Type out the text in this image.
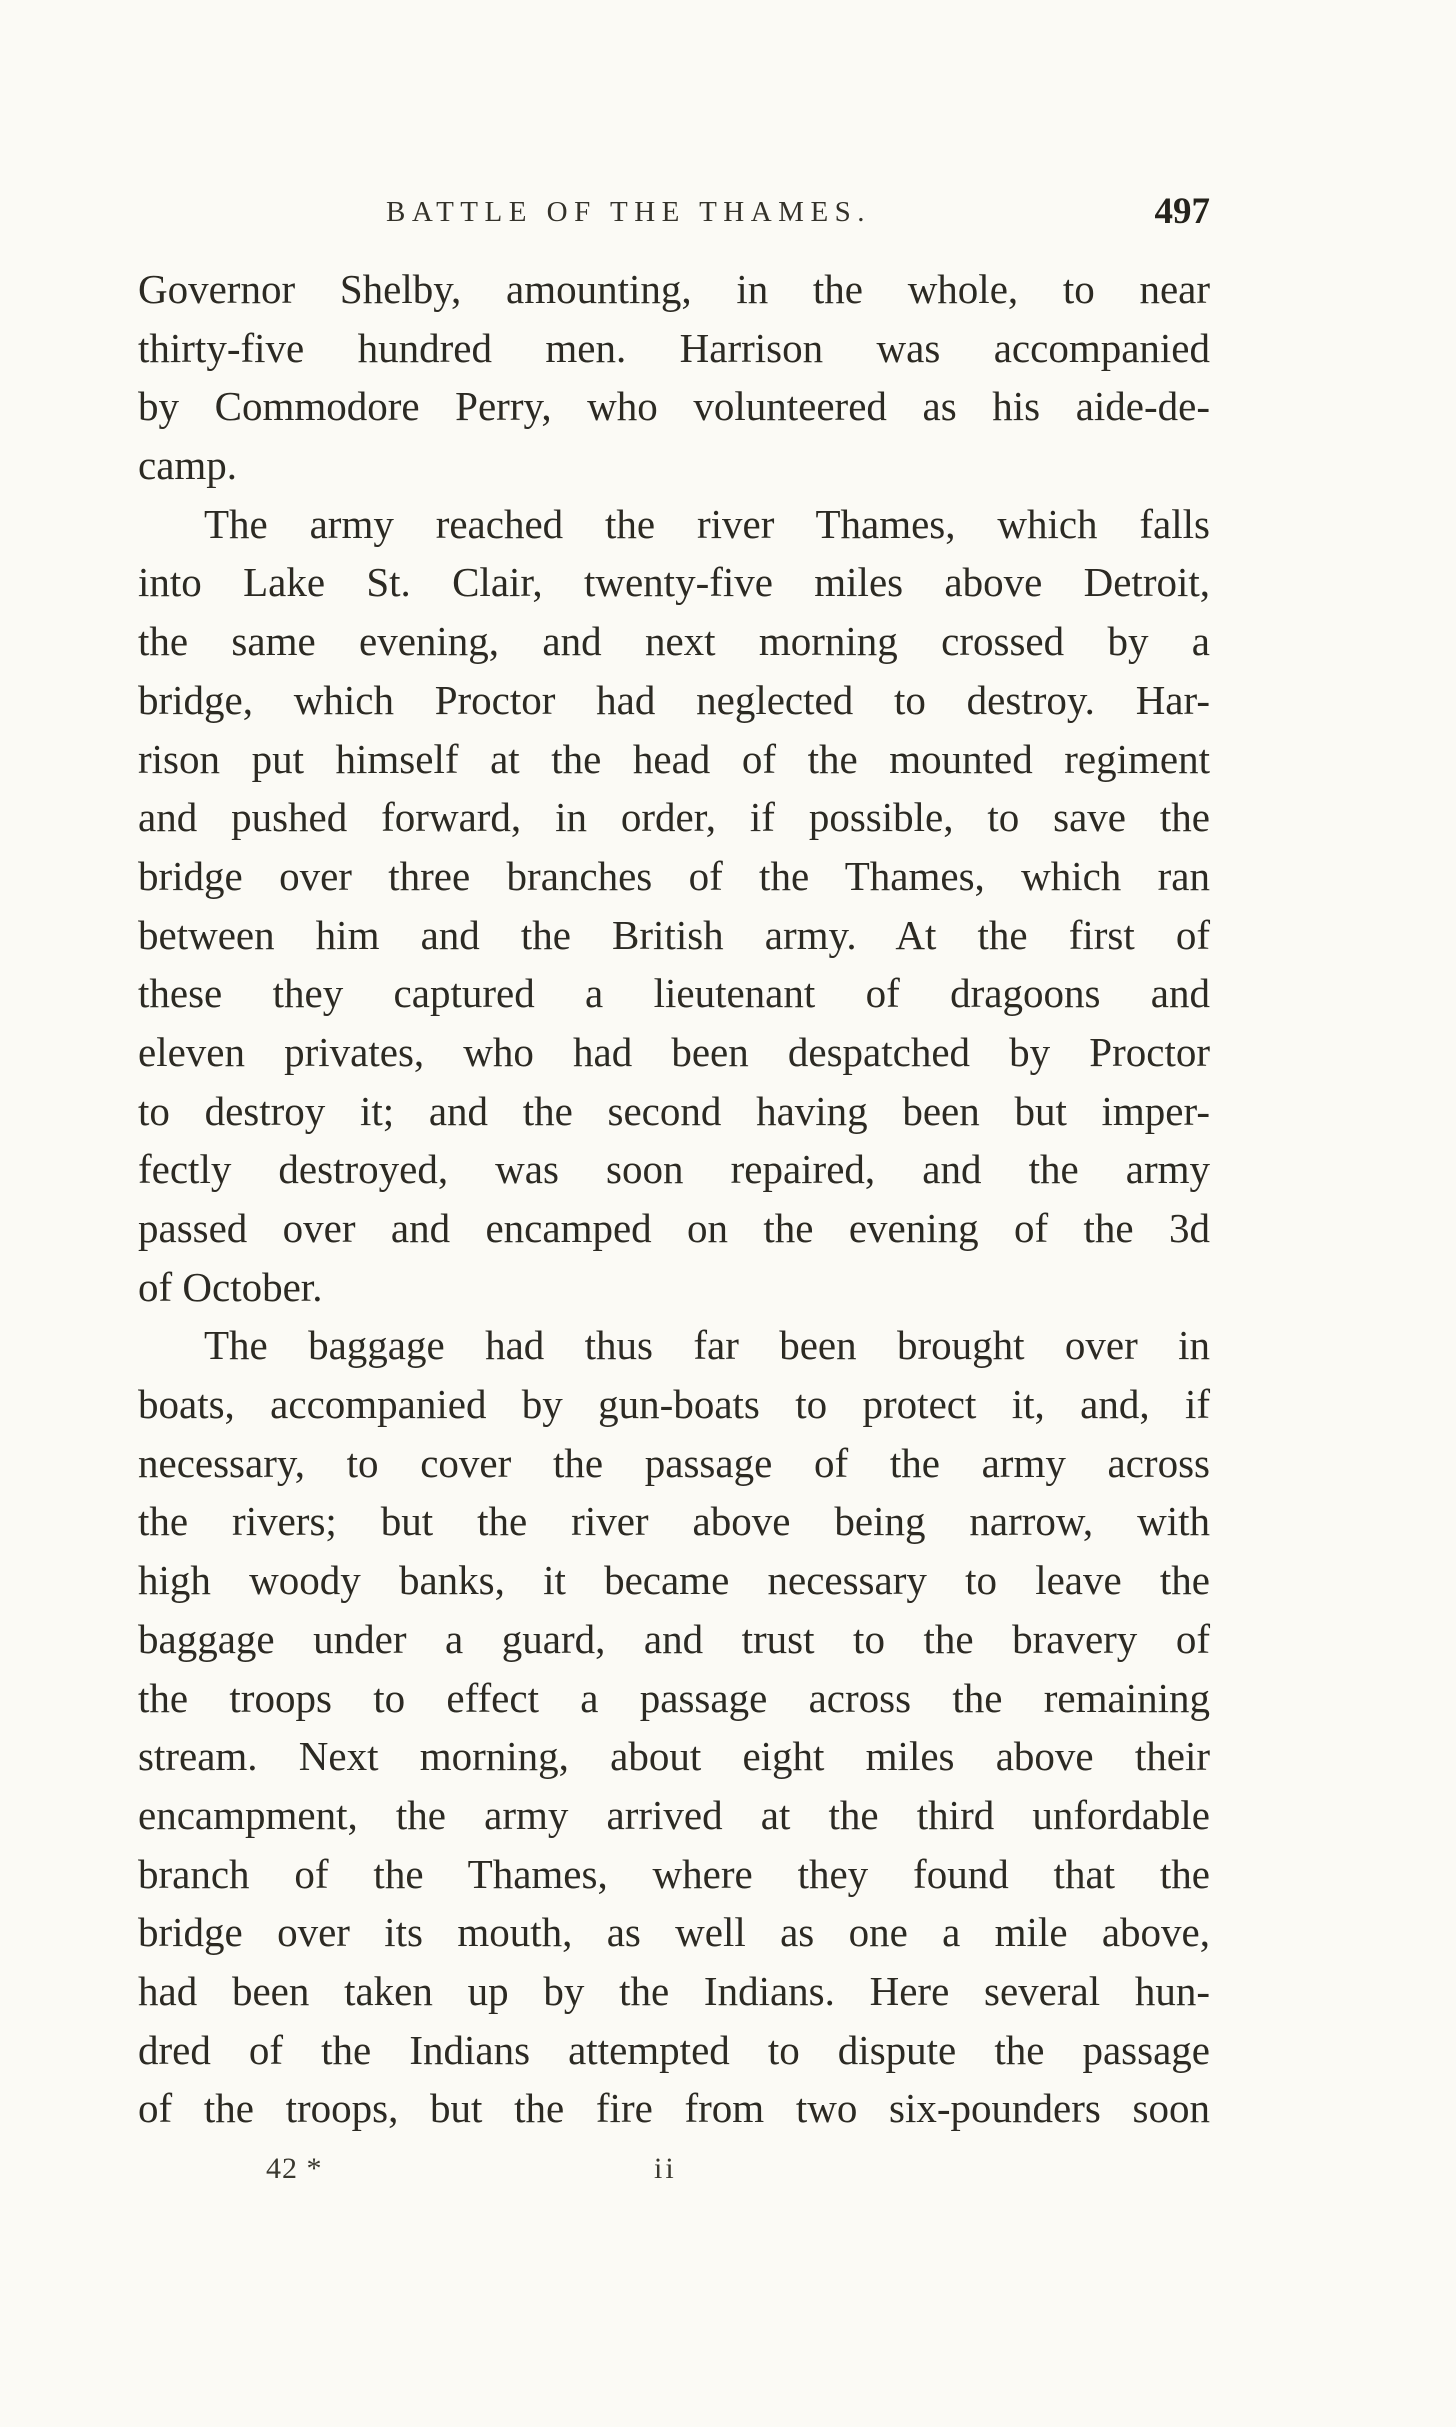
BATTLE OF THE THAMES.	497
Governor Shelby, amounting, in the whole, to near
thirty-five hundred men. Harrison was accompanied
by Commodore Perry, who volunteered as his aide-de-
camp.
The army reached the river Thames, which falls
into Lake St. Clair, twenty-five miles above Detroit,
the same evening, and next morning crossed by a
bridge, which Proctor had neglected to destroy. Har-
rison put himself at the head of the mounted regiment
and pushed forward, in order, if possible, to save the
bridge over three branches of the Thames, which ran
between him and the British army. At the first of
these they captured a lieutenant of dragoons and
eleven privates, who had been despatched by Proctor
to destroy it; and the second having been but imper-
fectly destroyed, was soon repaired, and the army
passed over and encamped on the evening of the 3d
of October.
The baggage had thus far been brought over in
boats, accompanied by gun-boats to protect it, and, if
necessary, to cover the passage of the army across
the rivers; but the river above being narrow, with
high woody banks, it became necessary to leave the
baggage under a guard, and trust to the bravery of
the troops to effect a passage across the remaining
stream. Next morning, about eight miles above their
encampment, the army arrived at the third unfordable
branch of the Thames, where they found that the
bridge over its mouth, as well as one a mile above,
had been taken up by the Indians. Here several hun-
dred of the Indians attempted to dispute the passage
of the troops, but the fire from two six-pounders soon
42 *	ii
